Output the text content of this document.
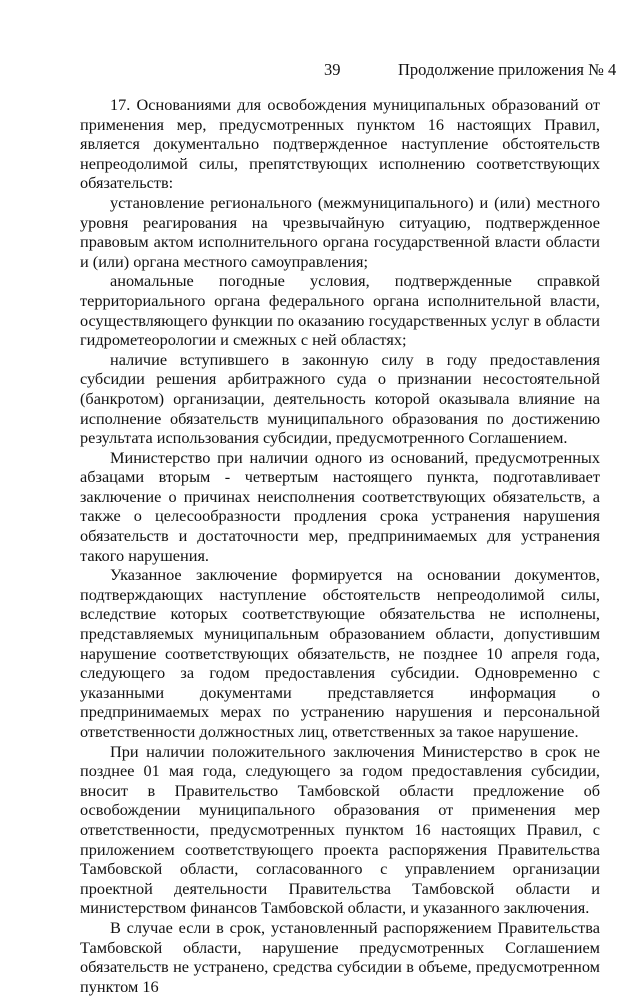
39	Продолжение приложения № 4

17. Основаниями для освобождения муниципальных образований от применения мер, предусмотренных пунктом 16 настоящих Правил, является документально подтвержденное наступление обстоятельств непреодолимой силы, препятствующих исполнению соответствующих обязательств:

установление регионального (межмуниципального) и (или) местного уровня реагирования на чрезвычайную ситуацию, подтвержденное правовым актом исполнительного органа государственной власти области и (или) органа местного самоуправления;

аномальные погодные условия, подтвержденные справкой территориального органа федерального органа исполнительной власти, осуществляющего функции по оказанию государственных услуг в области гидрометеорологии и смежных с ней областях;

наличие вступившего в законную силу в году предоставления субсидии решения арбитражного суда о признании несостоятельной (банкротом) организации, деятельность которой оказывала влияние на исполнение обязательств муниципального образования по достижению результата использования субсидии, предусмотренного Соглашением.

Министерство при наличии одного из оснований, предусмотренных абзацами вторым - четвертым настоящего пункта, подготавливает заключение о причинах неисполнения соответствующих обязательств, а также о целесообразности продления срока устранения нарушения обязательств и достаточности мер, предпринимаемых для устранения такого нарушения.

Указанное заключение формируется на основании документов, подтверждающих наступление обстоятельств непреодолимой силы, вследствие которых соответствующие обязательства не исполнены, представляемых муниципальным образованием области, допустившим нарушение соответствующих обязательств, не позднее 10 апреля года, следующего за годом предоставления субсидии. Одновременно с указанными документами представляется информация о предпринимаемых мерах по устранению нарушения и персональной ответственности должностных лиц, ответственных за такое нарушение.

При наличии положительного заключения Министерство в срок не позднее 01 мая года, следующего за годом предоставления субсидии, вносит в Правительство Тамбовской области предложение об освобождении муниципального образования от применения мер ответственности, предусмотренных пунктом 16 настоящих Правил, с приложением соответствующего проекта распоряжения Правительства Тамбовской области, согласованного с управлением организации проектной деятельности Правительства Тамбовской области и министерством финансов Тамбовской области, и указанного заключения.

В случае если в срок, установленный распоряжением Правительства Тамбовской области, нарушение предусмотренных Соглашением обязательств не устранено, средства субсидии в объеме, предусмотренном пунктом 16
